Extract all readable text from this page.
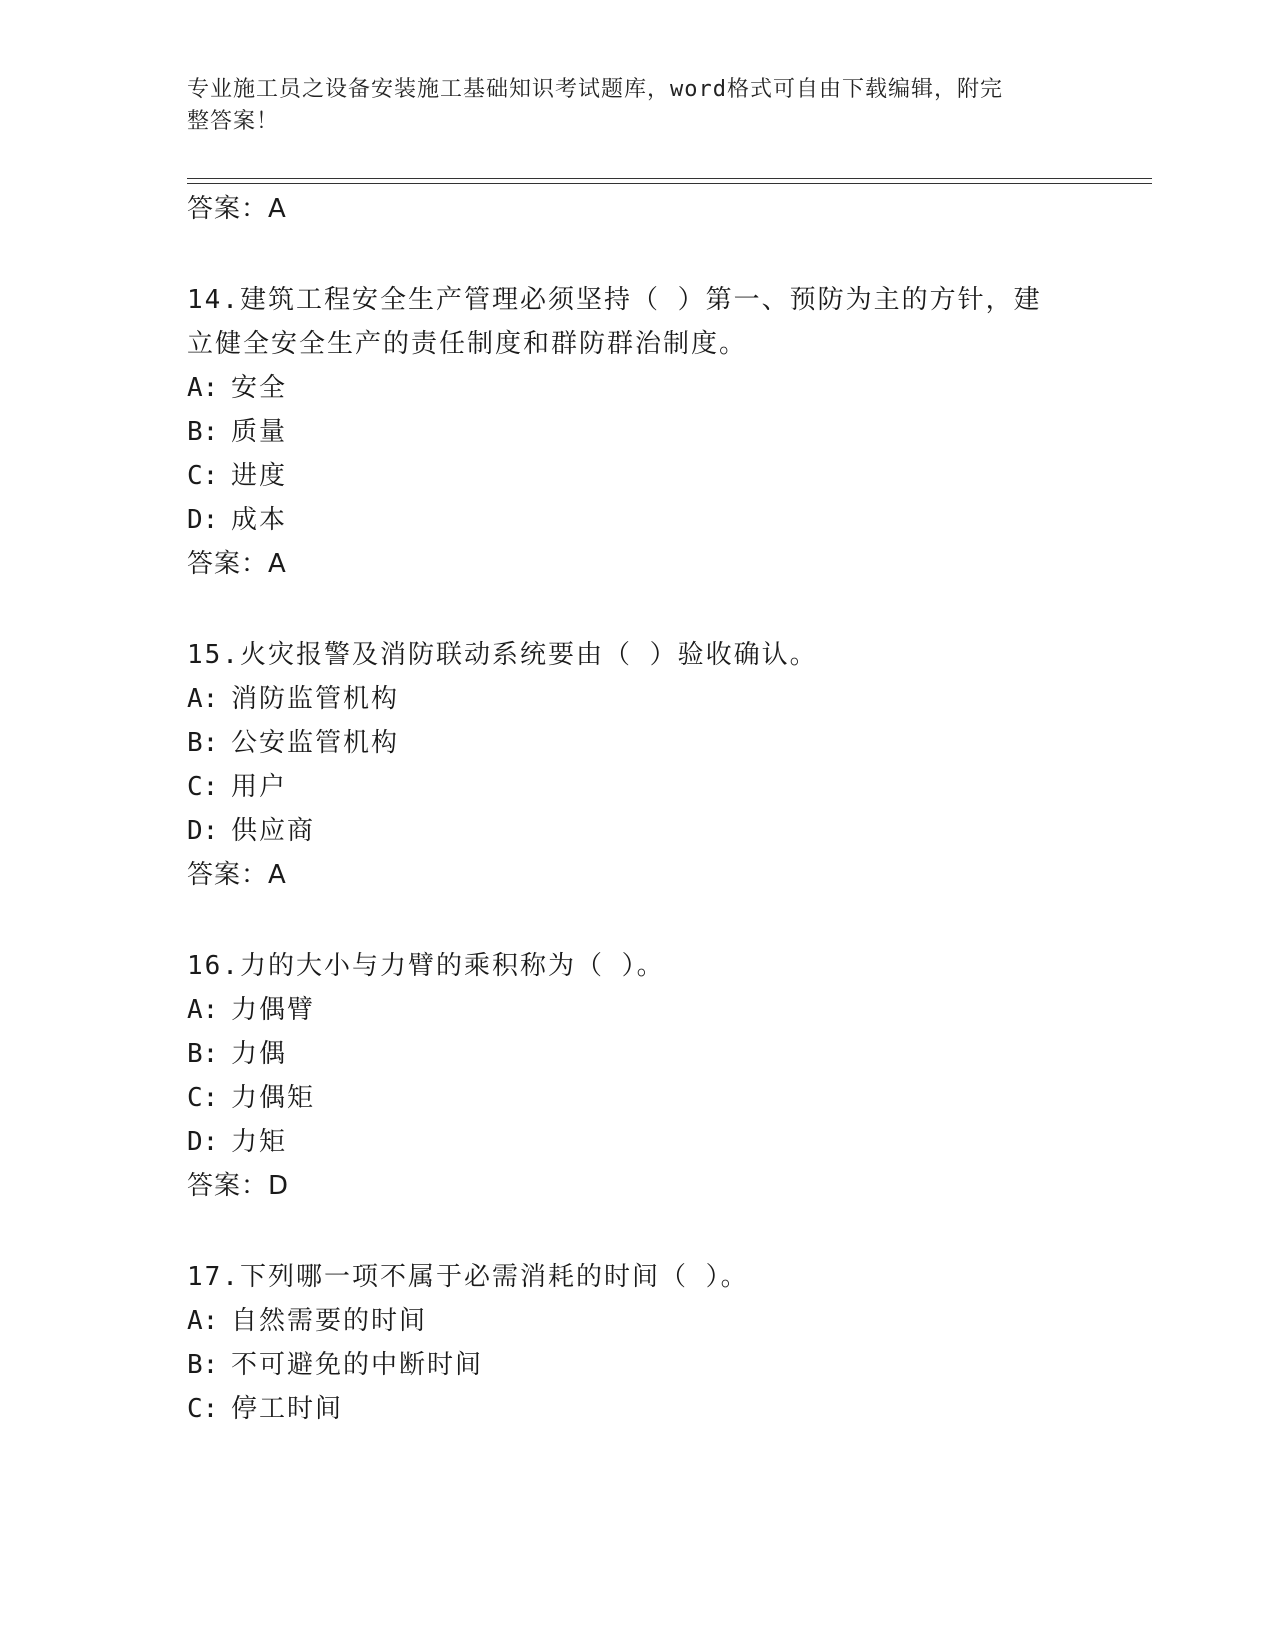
专业施工员之设备安装施工基础知识考试题库，word格式可自由下载编辑，附完
整答案！
答案：A
14.建筑工程安全生产管理必须坚持（ ）第一、预防为主的方针，建
立健全安全生产的责任制度和群防群治制度。
A: 安全
B: 质量
C: 进度
D: 成本
答案：A
15.火灾报警及消防联动系统要由（ ）验收确认。
A: 消防监管机构
B: 公安监管机构
C: 用户
D: 供应商
答案：A
16.力的大小与力臂的乘积称为（ ）。
A: 力偶臂
B: 力偶
C: 力偶矩
D: 力矩
答案：D
17.下列哪一项不属于必需消耗的时间（ ）。
A: 自然需要的时间
B: 不可避免的中断时间
C: 停工时间
